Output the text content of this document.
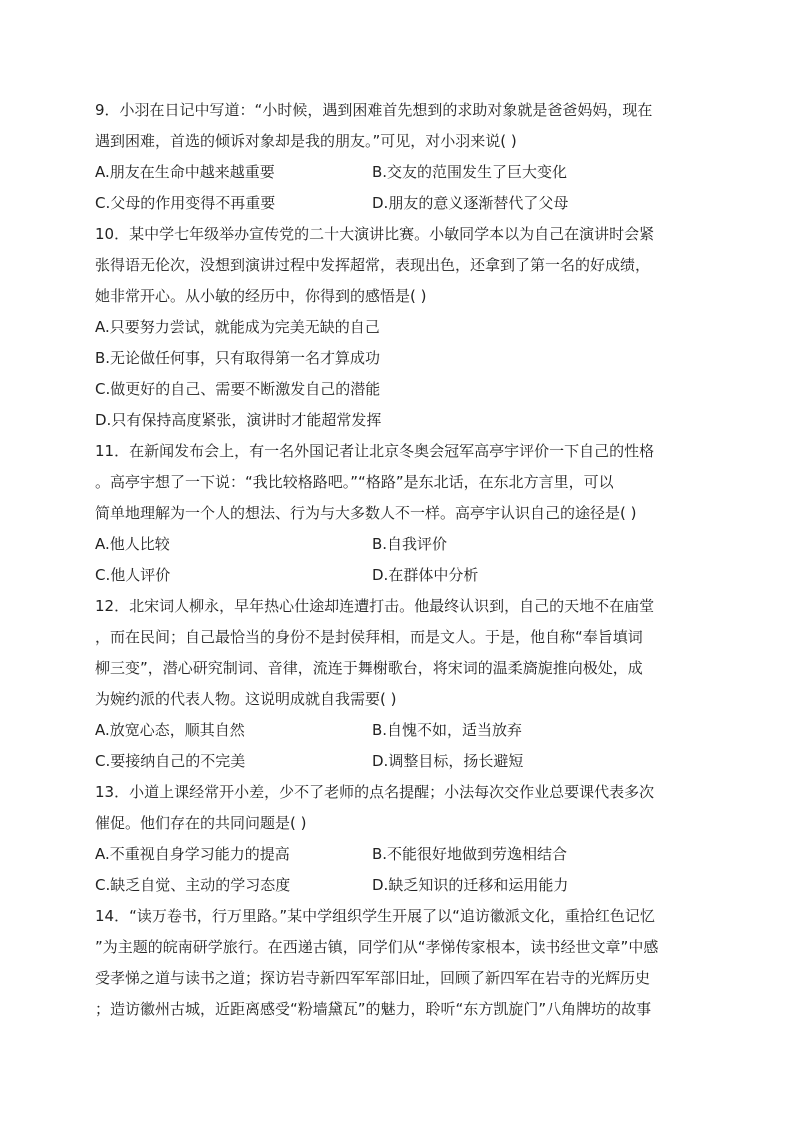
9．小羽在日记中写道：“小时候，遇到困难首先想到的求助对象就是爸爸妈妈，现在
遇到困难，首选的倾诉对象却是我的朋友。”可见，对小羽来说( )
A.朋友在生命中越来越重要	B.交友的范围发生了巨大变化
C.父母的作用变得不再重要	D.朋友的意义逐渐替代了父母
10．某中学七年级举办宣传党的二十大演讲比赛。小敏同学本以为自己在演讲时会紧
张得语无伦次，没想到演讲过程中发挥超常，表现出色，还拿到了第一名的好成绩，
她非常开心。从小敏的经历中，你得到的感悟是( )
A.只要努力尝试，就能成为完美无缺的自己
B.无论做任何事，只有取得第一名才算成功
C.做更好的自己、需要不断激发自己的潜能
D.只有保持高度紧张，演讲时才能超常发挥
11．在新闻发布会上，有一名外国记者让北京冬奥会冠军高亭宇评价一下自己的性格
。高亭宇想了一下说：“我比较格路吧。”“格路”是东北话，在东北方言里，可以
简单地理解为一个人的想法、行为与大多数人不一样。高亭宇认识自己的途径是( )
A.他人比较	B.自我评价
C.他人评价	D.在群体中分析
12．北宋词人柳永，早年热心仕途却连遭打击。他最终认识到，自己的天地不在庙堂
，而在民间；自己最恰当的身份不是封侯拜相，而是文人。于是，他自称“奉旨填词
柳三变”，潜心研究制词、音律，流连于舞榭歌台，将宋词的温柔旖旎推向极处，成
为婉约派的代表人物。这说明成就自我需要( )
A.放宽心态，顺其自然	B.自愧不如，适当放弃
C.要接纳自己的不完美	D.调整目标，扬长避短
13．小道上课经常开小差，少不了老师的点名提醒；小法每次交作业总要课代表多次
催促。他们存在的共同问题是( )
A.不重视自身学习能力的提高	B.不能很好地做到劳逸相结合
C.缺乏自觉、主动的学习态度	D.缺乏知识的迁移和运用能力
14．“读万卷书，行万里路。”某中学组织学生开展了以“追访徽派文化，重拾红色记忆
”为主题的皖南研学旅行。在西递古镇，同学们从“孝悌传家根本，读书经世文章”中感
受孝悌之道与读书之道；探访岩寺新四军军部旧址，回顾了新四军在岩寺的光辉历史
；造访徽州古城，近距离感受“粉墙黛瓦”的魅力，聆听“东方凯旋门”八角牌坊的故事
